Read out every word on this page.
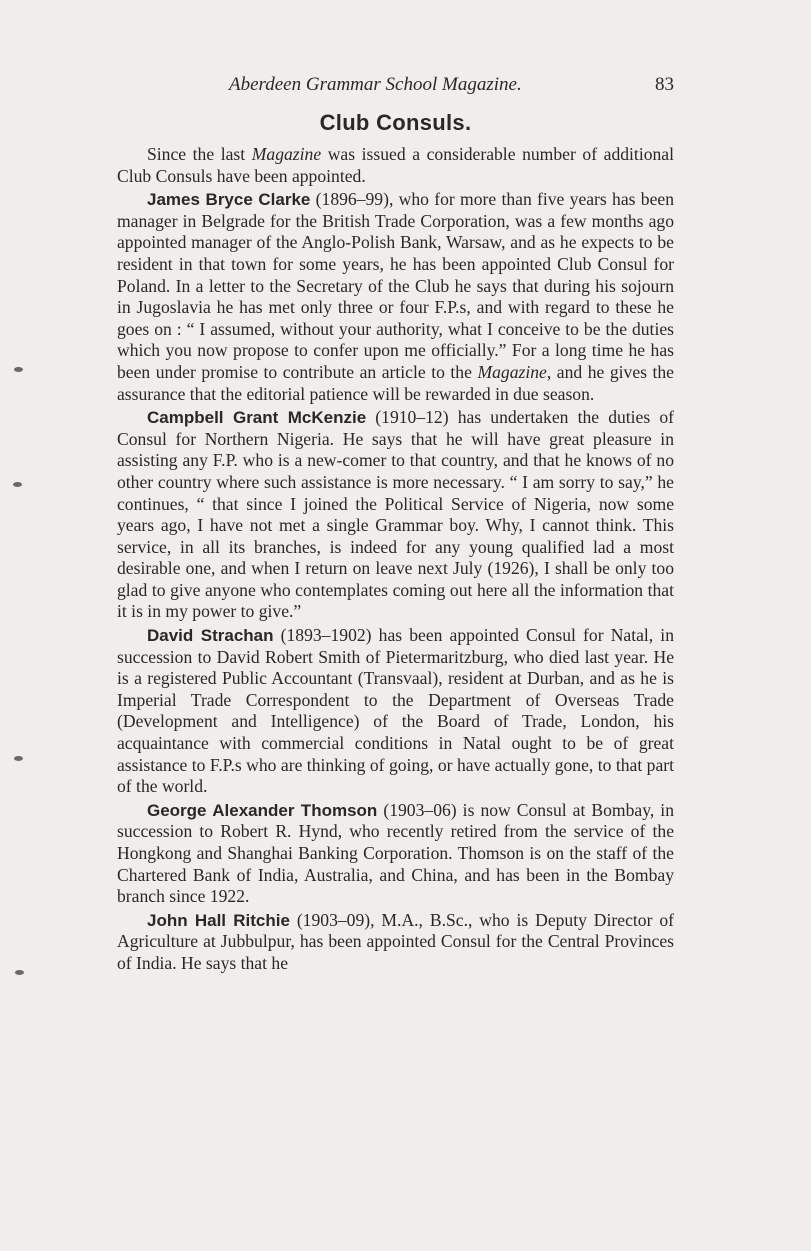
Aberdeen Grammar School Magazine.	83
Club Consuls.

Since the last Magazine was issued a considerable number of additional Club Consuls have been appointed.

James Bryce Clarke (1896–99), who for more than five years has been manager in Belgrade for the British Trade Corporation, was a few months ago appointed manager of the Anglo-Polish Bank, Warsaw, and as he expects to be resident in that town for some years, he has been appointed Club Consul for Poland. In a letter to the Secretary of the Club he says that during his sojourn in Jugoslavia he has met only three or four F.P.s, and with regard to these he goes on : “ I assumed, without your authority, what I conceive to be the duties which you now propose to confer upon me officially.” For a long time he has been under promise to contribute an article to the Magazine, and he gives the assurance that the editorial patience will be rewarded in due season.

Campbell Grant McKenzie (1910–12) has undertaken the duties of Consul for Northern Nigeria. He says that he will have great pleasure in assisting any F.P. who is a new-comer to that country, and that he knows of no other country where such assistance is more necessary. “ I am sorry to say,” he continues, “ that since I joined the Political Service of Nigeria, now some years ago, I have not met a single Grammar boy. Why, I cannot think. This service, in all its branches, is indeed for any young qualified lad a most desirable one, and when I return on leave next July (1926), I shall be only too glad to give anyone who contemplates coming out here all the information that it is in my power to give.”

David Strachan (1893–1902) has been appointed Consul for Natal, in succession to David Robert Smith of Pietermaritzburg, who died last year. He is a registered Public Accountant (Transvaal), resident at Durban, and as he is Imperial Trade Correspondent to the Department of Overseas Trade (Development and Intelligence) of the Board of Trade, London, his acquaintance with commercial conditions in Natal ought to be of great assistance to F.P.s who are thinking of going, or have actually gone, to that part of the world.

George Alexander Thomson (1903–06) is now Consul at Bombay, in succession to Robert R. Hynd, who recently retired from the service of the Hongkong and Shanghai Banking Corporation. Thomson is on the staff of the Chartered Bank of India, Australia, and China, and has been in the Bombay branch since 1922.

John Hall Ritchie (1903–09), M.A., B.Sc., who is Deputy Director of Agriculture at Jubbulpur, has been appointed Consul for the Central Provinces of India. He says that he
